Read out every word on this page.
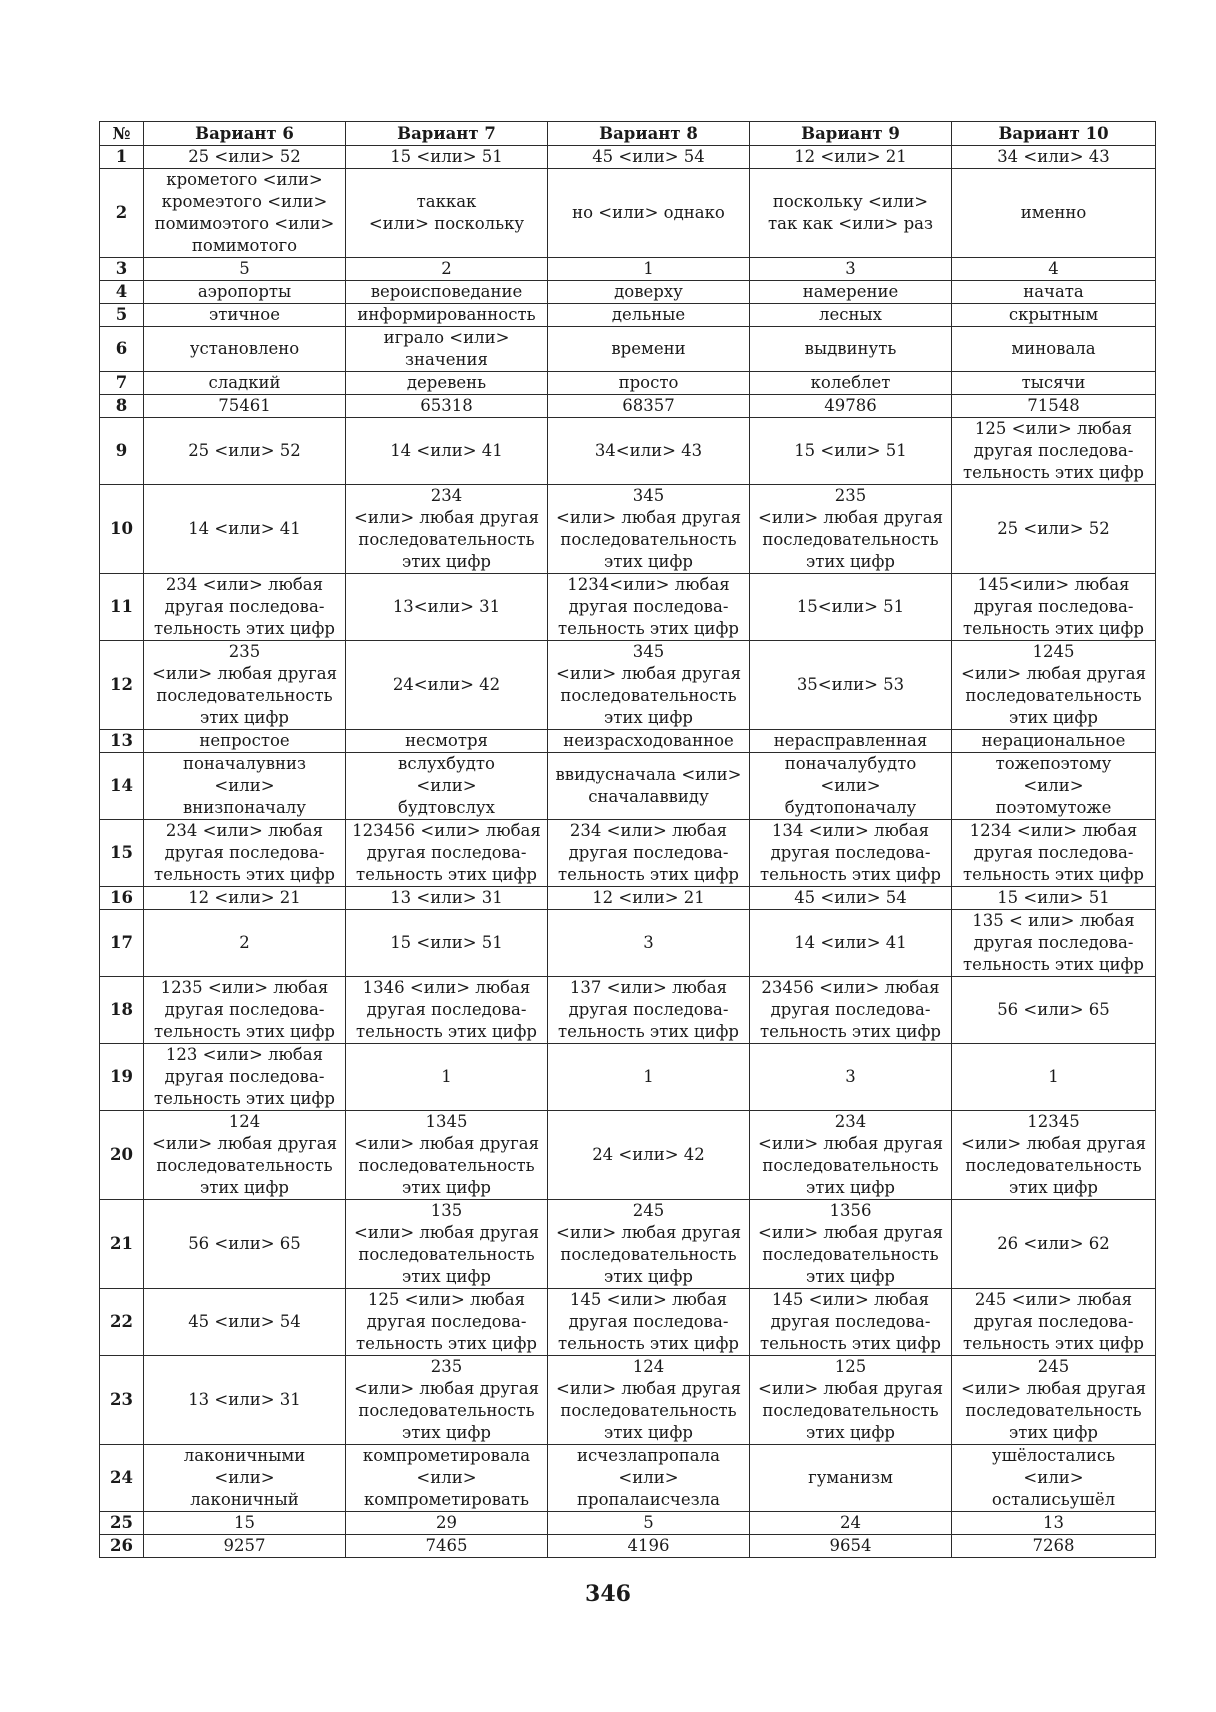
№	Вариант 6	Вариант 7	Вариант 8	Вариант 9	Вариант 10
1	25 <или> 52	15 <или> 51	45 <или> 54	12 <или> 21	34 <или> 43
2	кpометого <или>
кpомеэтого <или>
помимоэтого <или>
помимотого	таккак
<или> поскольку	но <или> однако	поскольку <или>
так как <или> раз	именно
3	5	2	1	3	4
4	аэропорты	вероисповедание	доверху	намерение	начата
5	этичное	информированность	дельные	лесных	скрытным
6	установлено	играло <или>
значения	времени	выдвинуть	миновала
7	сладкий	деревень	просто	колеблет	тысячи
8	75461	65318	68357	49786	71548
9	25 <или> 52	14 <или> 41	34<или> 43	15 <или> 51	125 <или> любая
другая последова-
тельность этих цифр
10	14 <или> 41	234
<или> любая другая
последовательность
этих цифр	345
<или> любая другая
последовательность
этих цифр	235
<или> любая другая
последовательность
этих цифр	25 <или> 52
11	234 <или> любая
другая последова-
тельность этих цифр	13<или> 31	1234<или> любая
другая последова-
тельность этих цифр	15<или> 51	145<или> любая
другая последова-
тельность этих цифр
12	235
<или> любая другая
последовательность
этих цифр	24<или> 42	345
<или> любая другая
последовательность
этих цифр	35<или> 53	1245
<или> любая другая
последовательность
этих цифр
13	непростое	несмотря	неизрасходованное	нерасправленная	нерациональное
14	поначалувниз
<или>
внизпоначалу	вслухбудто
<или>
будтовслух	ввидусначала <или>
сначалаввиду	поначалубудто
<или>
будтопоначалу	тожепоэтому
<или>
поэтомутоже
15	234 <или> любая
другая последова-
тельность этих цифр	123456 <или> любая
другая последова-
тельность этих цифр	234 <или> любая
другая последова-
тельность этих цифр	134 <или> любая
другая последова-
тельность этих цифр	1234 <или> любая
другая последова-
тельность этих цифр
16	12 <или> 21	13 <или> 31	12 <или> 21	45 <или> 54	15 <или> 51
17	2	15 <или> 51	3	14 <или> 41	135 < или> любая
другая последова-
тельность этих цифр
18	1235 <или> любая
другая последова-
тельность этих цифр	1346 <или> любая
другая последова-
тельность этих цифр	137 <или> любая
другая последова-
тельность этих цифр	23456 <или> любая
другая последова-
тельность этих цифр	56 <или> 65
19	123 <или> любая
другая последова-
тельность этих цифр	1	1	3	1
20	124
<или> любая другая
последовательность
этих цифр	1345
<или> любая другая
последовательность
этих цифр	24 <или> 42	234
<или> любая другая
последовательность
этих цифр	12345
<или> любая другая
последовательность
этих цифр
21	56 <или> 65	135
<или> любая другая
последовательность
этих цифр	245
<или> любая другая
последовательность
этих цифр	1356
<или> любая другая
последовательность
этих цифр	26 <или> 62
22	45 <или> 54	125 <или> любая
другая последова-
тельность этих цифр	145 <или> любая
другая последова-
тельность этих цифр	145 <или> любая
другая последова-
тельность этих цифр	245 <или> любая
другая последова-
тельность этих цифр
23	13 <или> 31	235
<или> любая другая
последовательность
этих цифр	124
<или> любая другая
последовательность
этих цифр	125
<или> любая другая
последовательность
этих цифр	245
<или> любая другая
последовательность
этих цифр
24	лаконичными
<или>
лаконичный	компрометировала
<или>
компрометировать	исчезлапропала
<или>
пропалаисчезла	гуманизм	ушёлостались
<или>
осталисьушёл
25	15	29	5	24	13
26	9257	7465	4196	9654	7268
346
